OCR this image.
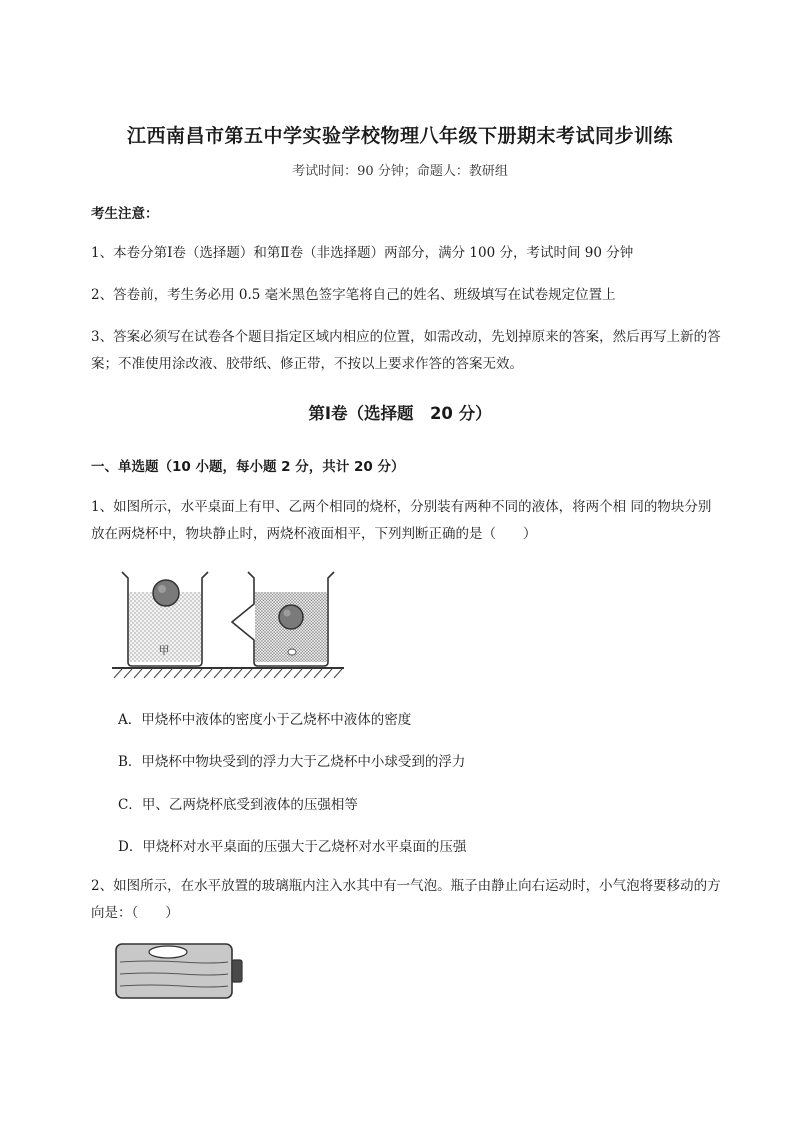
江西南昌市第五中学实验学校物理八年级下册期末考试同步训练
考试时间：90 分钟；命题人：教研组
考生注意：
1、本卷分第Ⅰ卷（选择题）和第Ⅱ卷（非选择题）两部分，满分 100 分，考试时间 90 分钟
2、答卷前，考生务必用 0.5 毫米黑色签字笔将自己的姓名、班级填写在试卷规定位置上
3、答案必须写在试卷各个题目指定区域内相应的位置，如需改动，先划掉原来的答案，然后再写上新的答案；不准使用涂改液、胶带纸、修正带，不按以上要求作答的答案无效。
第Ⅰ卷（选择题　20 分）
一、单选题（10 小题，每小题 2 分，共计 20 分）
1、如图所示，水平桌面上有甲、乙两个相同的烧杯，分别装有两种不同的液体，将两个相 同的物块分别放在两烧杯中，物块静止时，两烧杯液面相平，下列判断正确的是（　　）
甲
A．甲烧杯中液体的密度小于乙烧杯中液体的密度
B．甲烧杯中物块受到的浮力大于乙烧杯中小球受到的浮力
C．甲、乙两烧杯底受到液体的压强相等
D．甲烧杯对水平桌面的压强大于乙烧杯对水平桌面的压强
2、如图所示，在水平放置的玻璃瓶内注入水其中有一气泡。瓶子由静止向右运动时，小气泡将要移动的方向是：（　　）
